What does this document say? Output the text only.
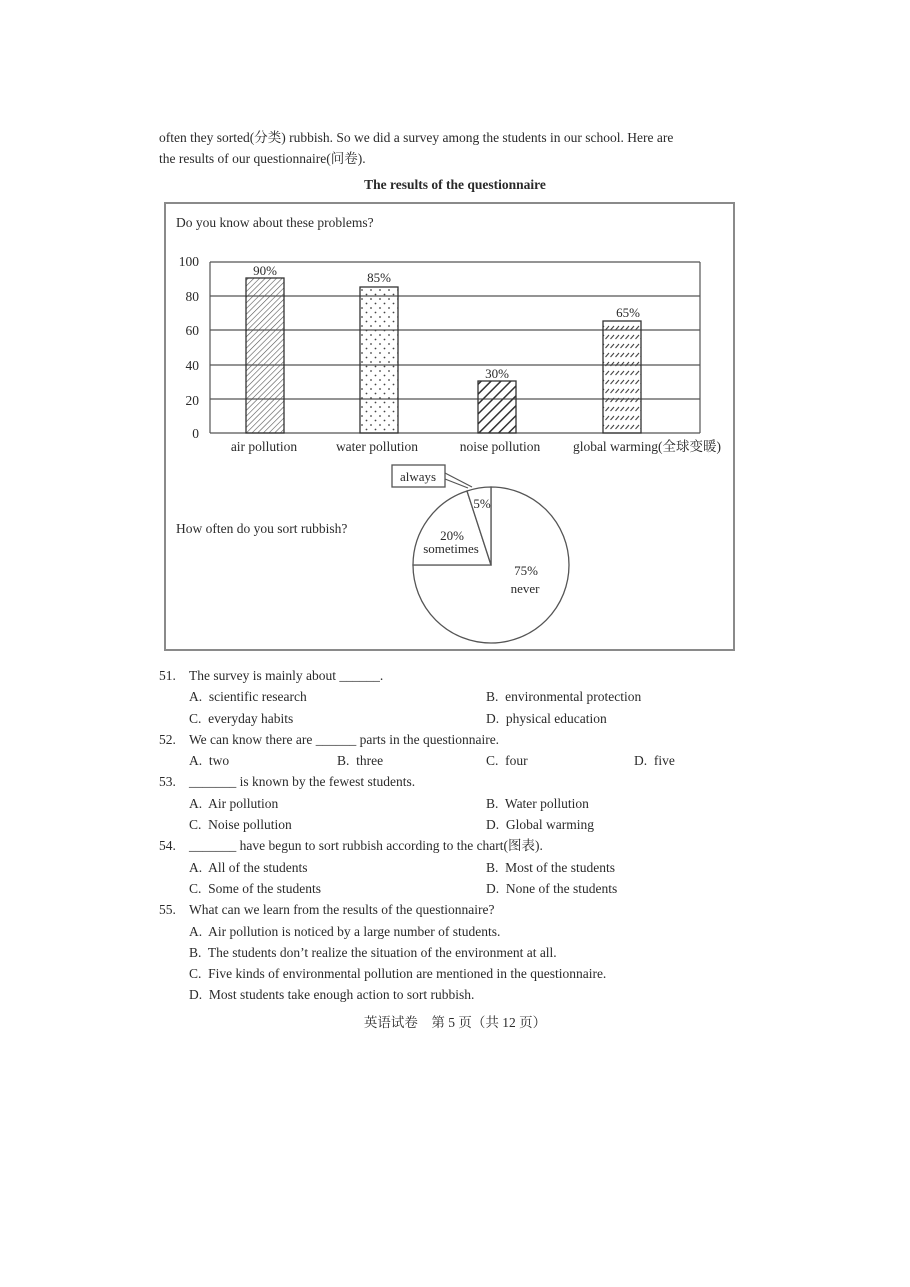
often they sorted(分类) rubbish. So we did a survey among the students in our school. Here are
the results of our questionnaire(问卷).
The results of the questionnaire
Do you know about these problems?
100
80
60
40
20
0
90%	85%
30%
65%
air pollution	water pollution	noise pollution global warming(全球变暖)
How often do you sort rubbish?
always
5%
20%
sometimes
75%
never
51. The survey is mainly about ______.
A. scientific research	B. environmental protection
C. everyday habits	D. physical education
52. We can know there are ______ parts in the questionnaire.
A. two	B. three	C. four	D. five
53. _______ is known by the fewest students.
A. Air pollution	B. Water pollution
C. Noise pollution	D. Global warming
54. _______ have begun to sort rubbish according to the chart(图表).
A. All of the students	B. Most of the students
C. Some of the students	D. None of the students
55. What can we learn from the results of the questionnaire?
A. Air pollution is noticed by a large number of students.
B. The students don’t realize the situation of the environment at all.
C. Five kinds of environmental pollution are mentioned in the questionnaire.
D. Most students take enough action to sort rubbish.
英语试卷　第 5 页（共 12 页）
